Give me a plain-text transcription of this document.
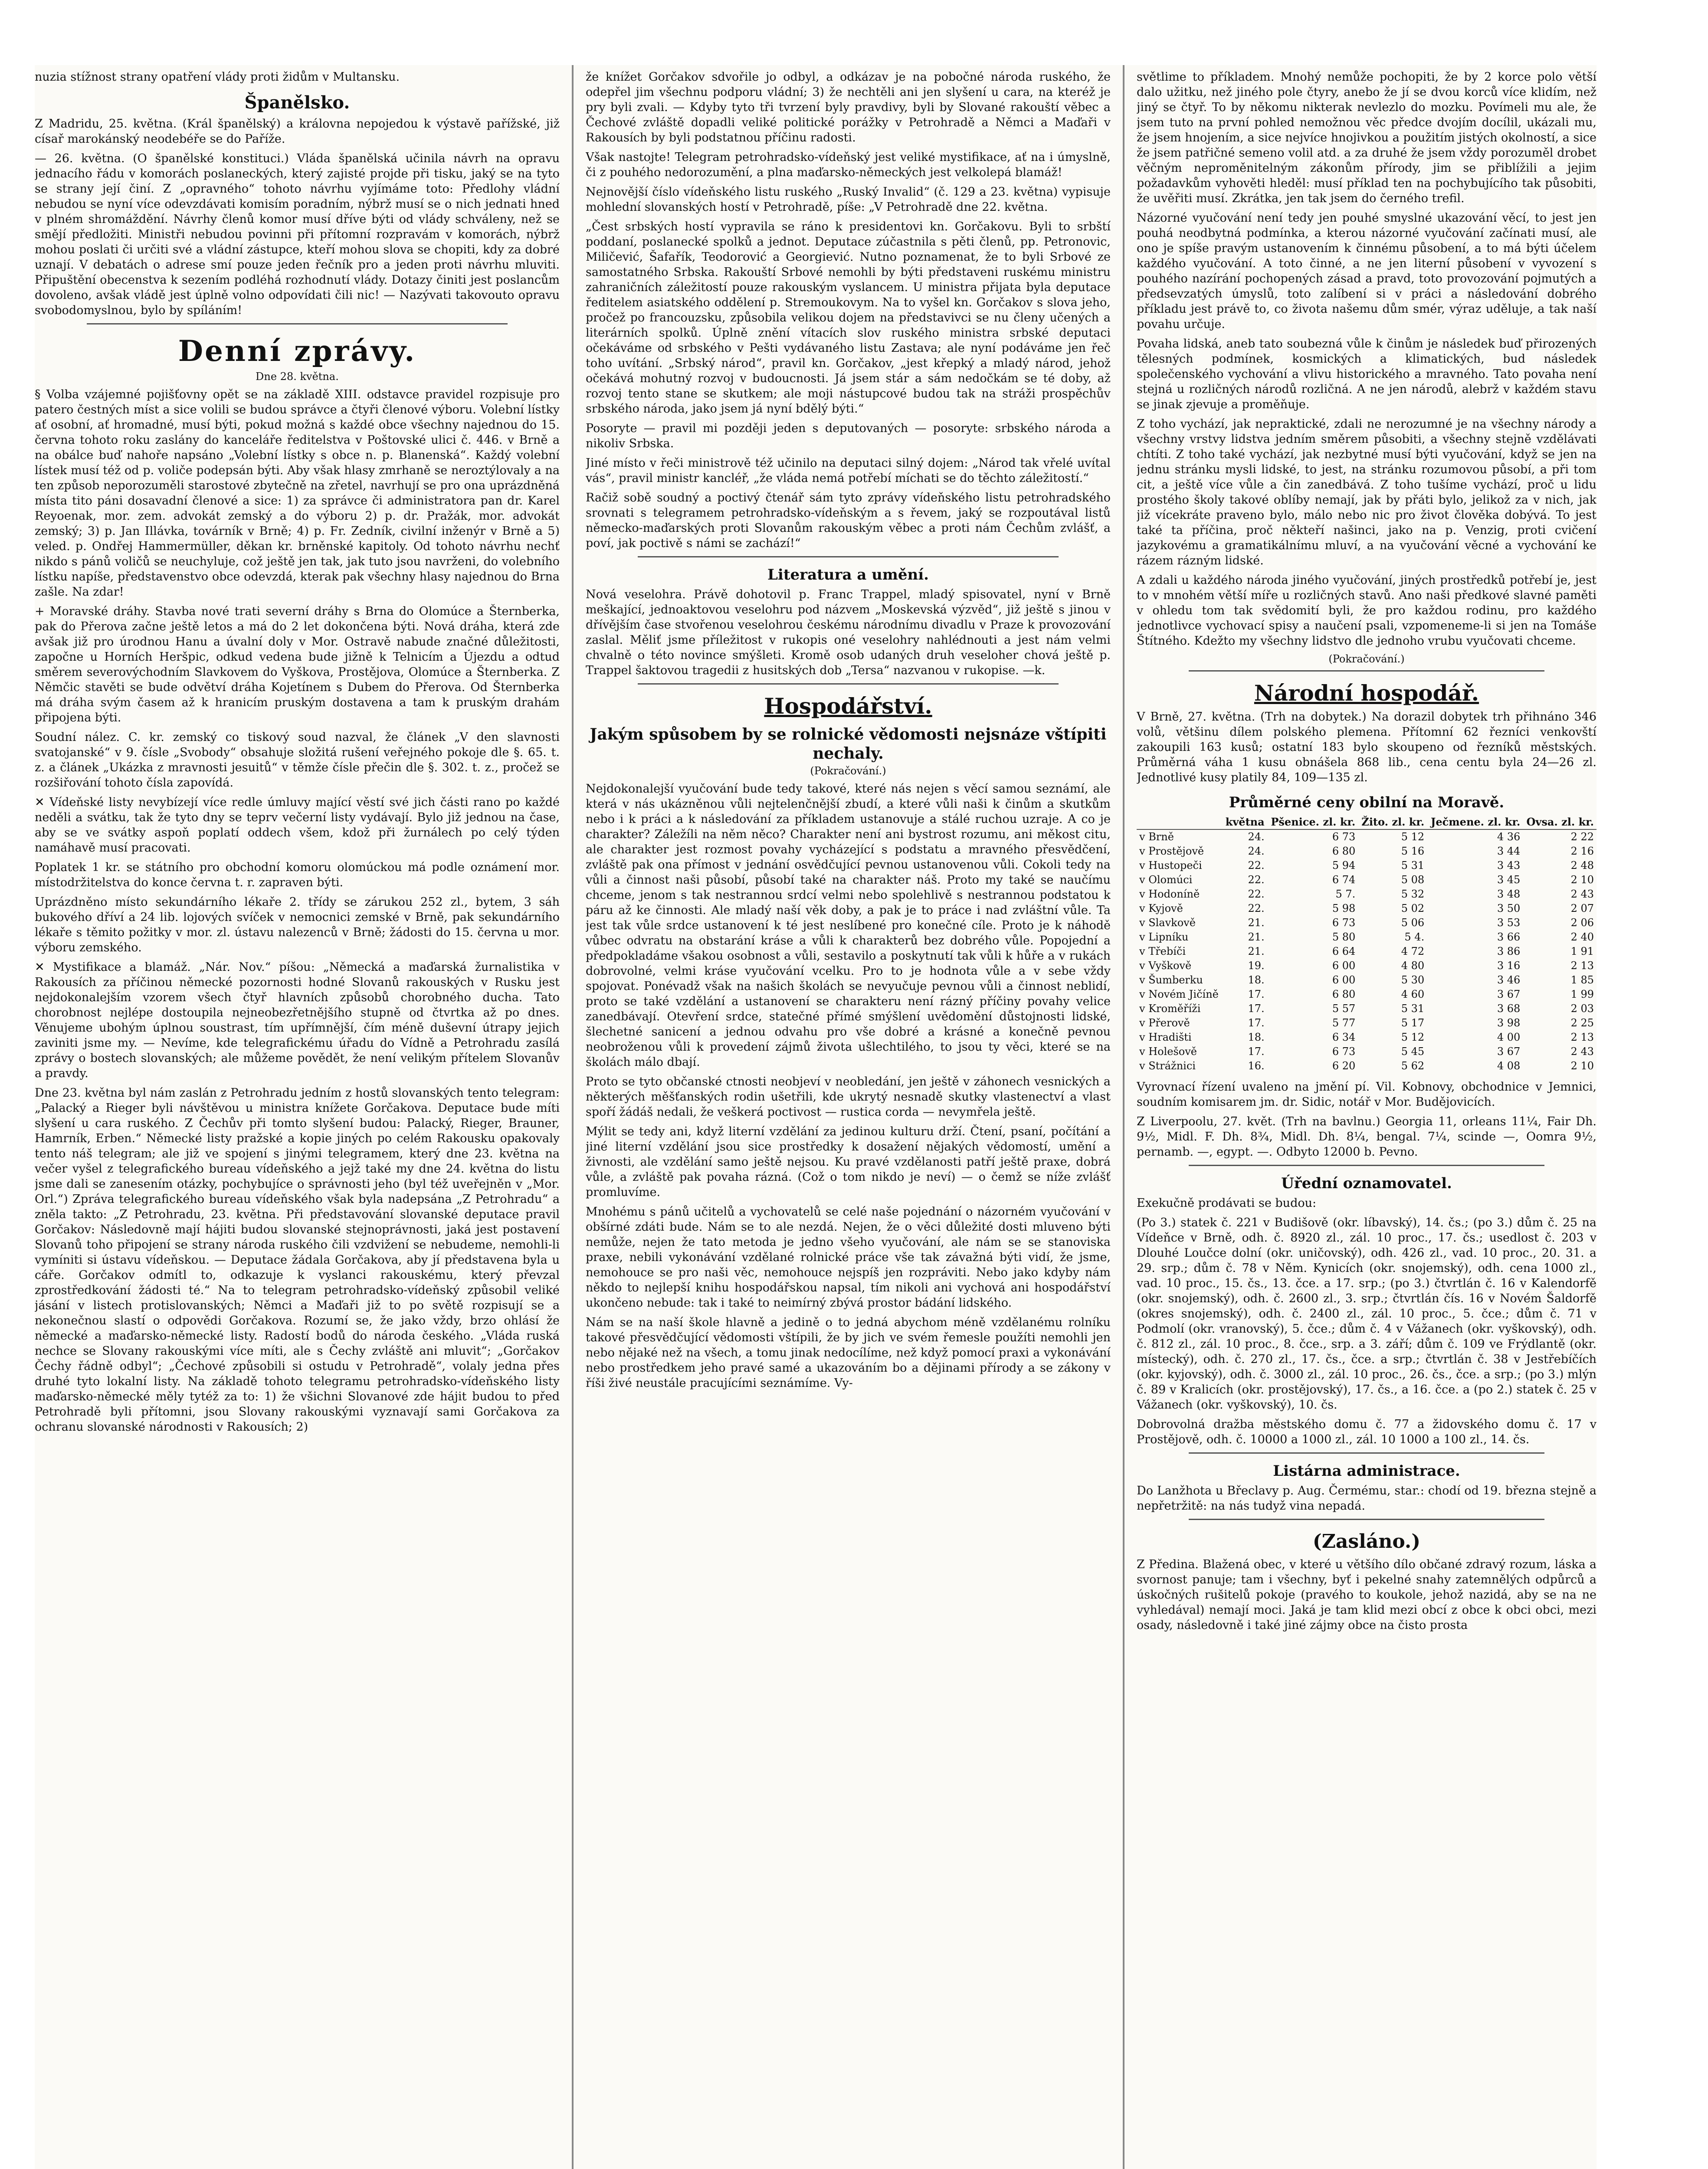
nuzia stížnost strany opatření vlády proti židům v Multansku.

Španělsko.

Z Madridu, 25. května. (Král španělský) a královna nepojedou k výstavě pařížské, již císař marokánský neodebéře se do Paříže.

— 26. května. (O španělské konstituci.) Vláda španělská učinila návrh na opravu jednacího řádu v komorách poslaneckých, který zajisté projde při tisku, jaký se na tyto se strany její činí. Z „opravného“ tohoto návrhu vyjímáme toto: Předlohy vládní nebudou se nyní více odevzdávati komisím poradním, nýbrž musí se o nich jednati hned v plném shromáždění. Návrhy členů komor musí dříve býti od vlády schváleny, než se smějí předložiti. Ministři nebudou povinni při přítomní rozpravám v komorách, nýbrž mohou poslati či určiti své a vládní zástupce, kteří mohou slova se chopiti, kdy za dobré uznají. V debatách o adrese smí pouze jeden řečník pro a jeden proti návrhu mluviti. Připuštění obecenstva k sezením podléhá rozhodnutí vlády. Dotazy činiti jest poslancům dovoleno, avšak vládě jest úplně volno odpovídati čili nic! — Nazývati takovouto opravu svobodomyslnou, bylo by spíláním!

Denní zprávy.
Dne 28. května.

§ Volba vzájemné pojišťovny opět se na základě XIII. odstavce pravidel rozpisuje pro patero čestných míst a sice volili se budou správce a čtyři členové výboru. Volební lístky ať osobní, ať hromadné, musí býti, pokud možná s každé obce všechny najednou do 15. června tohoto roku zaslány do kanceláře ředitelstva v Poštovské ulici č. 446. v Brně a na obálce buď nahoře napsáno „Volební lístky s obce n. p. Blanenská“. Každý volební lístek musí též od p. voliče podepsán býti. Aby však hlasy zmrhaně se neroztýlovaly a na ten způsob neporozuměli starostové zbytečně na zřetel, navrhují se pro ona uprázdněná místa tito páni dosavadní členové a sice: 1) za správce či administratora pan dr. Karel Reyoenak, mor. zem. advokát zemský a do výboru 2) p. dr. Pražák, mor. advokát zemský; 3) p. Jan Illávka, továrník v Brně; 4) p. Fr. Zedník, civilní inženýr v Brně a 5) veled. p. Ondřej Hammermüller, děkan kr. brněnské kapitoly. Od tohoto návrhu nechť nikdo s pánů voličů se neuchyluje, což ještě jen tak, jak tuto jsou navrženi, do volebního lístku napíše, představenstvo obce odevzdá, kterak pak všechny hlasy najednou do Brna zašle. Na zdar!

+ Moravské dráhy. Stavba nové trati severní dráhy s Brna do Olomúce a Šternberka, pak do Přerova začne ještě letos a má do 2 let dokončena býti. Nová dráha, která zde avšak již pro úrodnou Hanu a úvalní doly v Mor. Ostravě nabude značné důležitosti, započne u Horních Heršpic, odkud vedena bude jižně k Telnicím a Újezdu a odtud směrem severovýchodním Slavkovem do Vyškova, Prostějova, Olomúce a Šternberka. Z Němčic stavěti se bude odvětví dráha Kojetínem s Dubem do Přerova. Od Šternberka má dráha svým časem až k hranicím pruským dostavena a tam k pruským drahám připojena býti.

Soudní nález. C. kr. zemský co tiskový soud nazval, že článek „V den slavnosti svatojanské“ v 9. čísle „Svobody“ obsahuje složitá rušení veřejného pokoje dle §. 65. t. z. a článek „Ukázka z mravnosti jesuitů“ v těmže čísle přečin dle §. 302. t. z., pročež se rozšiřování tohoto čísla zapovídá.

✕ Vídeňské listy nevybízejí více redle úmluvy mající věstí své jich části rano po každé neděli a svátku, tak že tyto dny se teprv večerní listy vydávají. Bylo již jednou na čase, aby se ve svátky aspoň poplatí oddech všem, kdož při žurnálech po celý týden namáhavě musí pracovati.

Poplatek 1 kr. se státního pro obchodní komoru olomúckou má podle oznámení mor. místodržitelstva do konce června t. r. zapraven býti.

Uprázdněno místo sekundárního lékaře 2. třídy se zárukou 252 zl., bytem, 3 sáh bukového dříví a 24 lib. lojových svíček v nemocnici zemské v Brně, pak sekundárního lékaře s těmito požitky v mor. zl. ústavu nalezenců v Brně; žádosti do 15. června u mor. výboru zemského.

✕ Mystifikace a blamáž. „Nár. Nov.“ píšou: „Německá a maďarská žurnalistika v Rakousích za příčinou německé pozornosti hodné Slovanů rakouských v Rusku jest nejdokonalejším vzorem všech čtyř hlavních způsobů chorobného ducha. Tato chorobnost nejlépe dostoupila nejneobezřetnějšího stupně od čtvrtka až po dnes. Věnujeme ubohým úplnou soustrast, tím upřímnější, čím méně duševní útrapy jejich zaviniti jsme my. — Nevíme, kde telegrafickému úřadu do Vídně a Petrohradu zasílá zprávy o bostech slovanských; ale můžeme povědět, že není velikým přítelem Slovanův a pravdy.

Dne 23. května byl nám zaslán z Petrohradu jedním z hostů slovanských tento telegram: „Palacký a Rieger byli návštěvou u ministra knížete Gorčakova. Deputace bude míti slyšení u cara ruského. Z Čechův při tomto slyšení budou: Palacký, Rieger, Brauner, Hamrník, Erben.“ Německé listy pražské a kopie jiných po celém Rakousku opakovaly tento náš telegram; ale již ve spojení s jinými telegramem, který dne 23. května na večer vyšel z telegrafického bureau vídeňského a jejž také my dne 24. května do listu jsme dali se zanesením otázky, pochybujíce o správnosti jeho (byl též uveřejněn v „Mor. Orl.“) Zpráva telegrafického bureau vídeňského však byla nadepsána „Z Petrohradu“ a zněla takto: „Z Petrohradu, 23. května. Při představování slovanské deputace pravil Gorčakov: Následovně mají hájiti budou slovanské stejnoprávnosti, jaká jest postavení Slovanů toho připojení se strany národa ruského čili vzdvižení se nebudeme, nemohli-li vymíniti si ústavu vídeňskou. — Deputace žádala Gorčakova, aby jí představena byla u cáře. Gorčakov odmítl to, odkazuje k vyslanci rakouskému, který převzal zprostředkování žádosti té.“ Na to telegram petrohradsko-vídeňský způsobil veliké jásání v listech protislovanských; Němci a Maďaři již to po světě rozpisují se a nekonečnou slastí o odpovědi Gorčakova. Rozumí se, že jako vždy, brzo ohlásí že německé a maďarsko-německé listy. Radostí bodů do národa českého. „Vláda ruská nechce se Slovany rakouskými více míti, ale s Čechy zvláště ani mluvit“; „Gorčakov Čechy řádně odbyl“; „Čechové způsobili si ostudu v Petrohradě“, volaly jedna přes druhé tyto lokalní listy. Na základě tohoto telegramu petrohradsko-vídeňského listy maďarsko-německé měly tytéž za to: 1) že všichni Slovanové zde hájit budou to před Petrohradě byli přítomni, jsou Slovany rakouskými vyznavají sami Gorčakova za ochranu slovanské národnosti v Rakousích; 2)

že knížet Gorčakov sdvořile jo odbyl, a odkázav je na pobočné národa ruského, že odepřel jim všechnu podporu vládní; 3) že nechtěli ani jen slyšení u cara, na kteréž je pry byli zvali. — Kdyby tyto tři tvrzení byly pravdivy, byli by Slované rakouští věbec a Čechové zvláště dopadli veliké politické porážky v Petrohradě a Němci a Maďaři v Rakousích by byli podstatnou příčinu radosti.

Však nastojte! Telegram petrohradsko-vídeňský jest veliké mystifikace, ať na i úmyslně, či z pouhého nedorozumění, a plna maďarsko-německých jest velkolepá blamáž!

Nejnovější číslo vídeňského listu ruského „Ruský Invalid“ (č. 129 a 23. května) vypisuje mohlední slovanských hostí v Petrohradě, píše: „V Petrohradě dne 22. května.

„Čest srbských hostí vypravila se ráno k presidentovi kn. Gorčakovu. Byli to srbští poddaní, poslanecké spolků a jednot. Deputace zúčastnila s pěti členů, pp. Petronovic, Miličević, Šafařík, Teodorović a Georgiević. Nutno poznamenat, že to byli Srbové ze samostatného Srbska. Rakouští Srbové nemohli by býti představeni ruskému ministru zahraničních záležitostí pouze rakouským vyslancem. U ministra přijata byla deputace ředitelem asiatského oddělení p. Stremoukovym. Na to vyšel kn. Gorčakov s slova jeho, pročež po francouzsku, způsobila velikou dojem na představivci se nu členy učených a literárních spolků. Úplně znění vítacích slov ruského ministra srbské deputaci očekáváme od srbského v Pešti vydávaného listu Zastava; ale nyní podáváme jen řeč toho uvítání. „Srbský národ“, pravil kn. Gorčakov, „jest křepký a mladý národ, jehož očekává mohutný rozvoj v budoucnosti. Já jsem stár a sám nedočkám se té doby, až rozvoj tento stane se skutkem; ale moji nástupcové budou tak na stráži prospěchův srbského národa, jako jsem já nyní bdělý býti.“

Posoryte — pravil mi později jeden s deputovaných — posoryte: srbského národa a nikoliv Srbska.

Jiné místo v řeči ministrově též učinilo na deputaci silný dojem: „Národ tak vřelé uvítal vás“, pravil ministr kancléř, „že vláda nemá potřebí míchati se do těchto záležitostí.“

Račiž sobě soudný a poctivý čtenář sám tyto zprávy vídeňského listu petrohradského srovnati s telegramem petrohradsko-vídeňským a s řevem, jaký se rozpoutával listů německo-maďarských proti Slovanům rakouským věbec a proti nám Čechům zvlášť, a poví, jak poctivě s námi se zachází!“

Literatura a umění.

Nová veselohra. Právě dohotovil p. Franc Trappel, mladý spisovatel, nyní v Brně meškající, jednoaktovou veselohru pod názvem „Moskevská výzvěd“, již ještě s jinou v dřívějším čase stvořenou veselohrou českému národnímu divadlu v Praze k provozování zaslal. Měliť jsme příležitost v rukopis oné veselohry nahlédnouti a jest nám velmi chvalně o této novince smýšleti. Kromě osob udaných druh veseloher chová ještě p. Trappel šaktovou tragedii z husitských dob „Tersa“ nazvanou v rukopise. —k.

Hospodářství.
Jakým spůsobem by se rolnické vědomosti nejsnáze vštípiti nechaly.
(Pokračování.)

Nejdokonalejší vyučování bude tedy takové, které nás nejen s věcí samou seznámí, ale která v nás ukázněnou vůli nejtelenčnější zbudí, a které vůli naši k činům a skutkům nebo i k práci a k následování za příkladem ustanovuje a stálé ruchou uzraje. A co je charakter? Záležíli na něm něco? Charakter není ani bystrost rozumu, ani měkost citu, ale charakter jest rozmost povahy vycházející s podstatu a mravného přesvědčení, zvláště pak ona přímost v jednání osvědčující pevnou ustanovenou vůli. Cokoli tedy na vůli a činnost naši působí, působí také na charakter náš. Proto my také se naučímu chceme, jenom s tak nestrannou srdcí velmi nebo spolehlivě s nestrannou podstatou k páru až ke činnosti. Ale mladý naší věk doby, a pak je to práce i nad zvláštní vůle. Ta jest tak vůle srdce ustanovení k té jest neslíbené pro konečné cíle. Proto je k náhodě vůbec odvratu na obstarání kráse a vůli k charakterů bez dobrého vůle. Popojední a předpokladáme všakou osobnost a vůli, sestavilo a poskytnutí tak vůli k hůře a v rukách dobrovolné, velmi kráse vyučování vcelku. Pro to je hodnota vůle a v sebe vždy spojovat. Ponévadž však na našich školách se nevyučuje pevnou vůli a činnost neblidí, proto se také vzdělání a ustanovení se charakteru není rázný příčiny povahy velice zanedbávají. Otevření srdce, statečné přímé smýšlení uvědomění důstojnosti lidské, šlechetné sanicení a jednou odvahu pro vše dobré a krásné a konečně pevnou neobroženou vůli k provedení zájmů života ušlechtilého, to jsou ty věci, které se na školách málo dbají.

Proto se tyto občanské ctnosti neobjeví v neobledání, jen ještě v záhonech vesnických a některých měšťanských rodin ušetřili, kde ukrytý nesnadě skutky vlastenectví a vlast spoří žádáš nedali, že veškerá poctivost — rustica corda — nevymřela ještě.

Mýlit se tedy ani, když literní vzdělání za jedinou kulturu drží. Čtení, psaní, počítání a jiné literní vzdělání jsou sice prostředky k dosažení nějakých vědomostí, umění a živnosti, ale vzdělání samo ještě nejsou. Ku pravé vzdělanosti patří ještě praxe, dobrá vůle, a zvláště pak povaha rázná. (Což o tom nikdo je neví) — o čemž se níže zvlášť promluvíme.

Mnohému s pánů učitelů a vychovatelů se celé naše pojednání o názorném vyučování v obšírné zdáti bude. Nám se to ale nezdá. Nejen, že o věci důležité dosti mluveno býti nemůže, nejen že tato metoda je jedno všeho vyučování, ale nám se se stanoviska praxe, nebili vykonávání vzdělané rolnické práce vše tak závažná býti vidí, že jsme, nemohouce se pro naši věc, nemohouce nejspíš jen rozpráviti. Nebo jako kdyby nám někdo to nejlepší knihu hospodářskou napsal, tím nikoli ani vychová ani hospodářství ukončeno nebude: tak i také to neimírný zbývá prostor bádání lidského.

Nám se na naší škole hlavně a jedině o to jedná abychom méně vzdělanému rolníku takové přesvědčující vědomosti vštípili, že by jich ve svém řemesle použíti nemohli jen nebo nějaké než na všech, a tomu jinak nedocílíme, než když pomocí praxi a vykonávání nebo prostředkem jeho pravé samé a ukazováním bo a dějinami přírody a se zákony v říši živé neustále pracujícími seznámíme. Vy-

světlime to příkladem. Mnohý nemůže pochopiti, že by 2 korce polo větší dalo užitku, než jiného pole čtyry, anebo že jí se dvou korců více klidím, než jiný se čtyř. To by někomu nikterak nevlezlo do mozku. Povímeli mu ale, že jsem tuto na první pohled nemožnou věc předce dvojím docílil, ukázali mu, že jsem hnojením, a sice nejvíce hnojivkou a použitím jistých okolností, a sice že jsem patřičné semeno volil atd. a za druhé že jsem vždy porozuměl drobet věčným neproměnitelným zákonům přírody, jim se přiblížili a jejim požadavkům vyhověti hleděl: musí příklad ten na pochybujícího tak působiti, že uvěřiti musí. Zkrátka, jen tak jsem do černého trefil.

Názorné vyučování není tedy jen pouhé smyslné ukazování věcí, to jest jen pouhá neodbytná podmínka, a kterou názorné vyučování začínati musí, ale ono je spíše pravým ustanovením k činnému působení, a to má býti účelem každého vyučování. A toto činné, a ne jen literní působení v vyvození s pouhého nazírání pochopených zásad a pravd, toto provozování pojmutých a předsevzatých úmyslů, toto zalíbení si v práci a následování dobrého příkladu jest právě to, co života našemu dům smér, výraz uděluje, a tak naší povahu určuje.

Povaha lidská, aneb tato soubezná vůle k činům je následek buď přirozených tělesných podmínek, kosmických a klimatických, bud následek společenského vychování a vlivu historického a mravného. Tato povaha není stejná u rozličných národů rozličná. A ne jen národů, alebrž v každém stavu se jinak zjevuje a proměňuje.

Z toho vychází, jak nepraktické, zdali ne nerozumné je na všechny národy a všechny vrstvy lidstva jedním směrem působiti, a všechny stejně vzdělávati chtíti. Z toho také vychází, jak nezbytné musí býti vyučování, když se jen na jednu stránku mysli lidské, to jest, na stránku rozumovou působí, a při tom cit, a ještě více vůle a čin zanedbává. Z toho tušíme vychází, proč u lidu prostého školy takové oblíby nemají, jak by přáti bylo, jelikož za v nich, jak již vícekráte praveno bylo, málo nebo nic pro život člověka dobývá. To jest také ta příčina, proč někteří našinci, jako na p. Venzig, proti cvičení jazykovému a gramatikálnímu mluví, a na vyučování věcné a vychování ke rázem rázným lidské.

A zdali u každého národa jiného vyučování, jiných prostředků potřebí je, jest to v mnohém větší míře u rozličných stavů. Ano naši předkové slavné paměti v ohledu tom tak svědomití byli, že pro každou rodinu, pro každého jednotlivce vychovací spisy a naučení psali, vzpomeneme-li si jen na Tomáše Štítného. Kdežto my všechny lidstvo dle jednoho vrubu vyučovati chceme.

(Pokračování.)
Národní hospodář.

V Brně, 27. května. (Trh na dobytek.) Na dorazil dobytek trh přihnáno 346 volů, většinu dílem polského plemena. Přítomní 62 řezníci venkovští zakoupili 163 kusů; ostatní 183 bylo skoupeno od řezníků městských. Průměrná váha 1 kusu obnášela 868 lib., cena centu byla 24—26 zl. Jednotlivé kusy platily 84, 109—135 zl.

Průměrné ceny obilní na Moravě.
	května	Pšenice. zl. kr.	Žito. zl. kr.	Ječmene. zl. kr.	Ovsa. zl. kr.
v Brně	24.	6 73	5 12	4 36	2 22
v Prostějově	24.	6 80	5 16	3 44	2 16
v Hustopeči	22.	5 94	5 31	3 43	2 48
v Olomúci	22.	6 74	5 08	3 45	2 10
v Hodoníně	22.	5 7.	5 32	3 48	2 43
v Kyjově	22.	5 98	5 02	3 50	2 07
v Slavkově	21.	6 73	5 06	3 53	2 06
v Lipníku	21.	5 80	5 4.	3 66	2 40
v Třebíči	21.	6 64	4 72	3 86	1 91
v Vyškově	19.	6 00	4 80	3 16	2 13
v Šumberku	18.	6 00	5 30	3 46	1 85
v Novém Jičíně	17.	6 80	4 60	3 67	1 99
v Kroměříži	17.	5 57	5 31	3 68	2 03
v Přerově	17.	5 77	5 17	3 98	2 25
v Hradišti	18.	6 34	5 12	4 00	2 13
v Holešově	17.	6 73	5 45	3 67	2 43
v Strážnici	16.	6 20	5 62	4 08	2 10

Vyrovnací řízení uvaleno na jmění pí. Vil. Kobnovy, obchodnice v Jemnici, soudním komisarem jm. dr. Sidic, notář v Mor. Budějovicích.

Z Liverpoolu, 27. květ. (Trh na bavlnu.) Georgia 11, orleans 11¼, Fair Dh. 9½, Midl. F. Dh. 8¾, Midl. Dh. 8¼, bengal. 7¼, scinde —, Oomra 9½, pernamb. —, egypt. —. Odbyto 12000 b. Pevno.

Úřední oznamovatel.

Exekučně prodávati se budou:

(Po 3.) statek č. 221 v Budišově (okr. líbavský), 14. čs.; (po 3.) dům č. 25 na Vídeňce v Brně, odh. č. 8920 zl., zál. 10 proc., 17. čs.; usedlost č. 203 v Dlouhé Loučce dolní (okr. uničovský), odh. 426 zl., vad. 10 proc., 20. 31. a 29. srp.; dům č. 78 v Něm. Kynicích (okr. snojemský), odh. cena 1000 zl., vad. 10 proc., 15. čs., 13. čce. a 17. srp.; (po 3.) čtvrtlán č. 16 v Kalendorfě (okr. snojemský), odh. č. 2600 zl., 3. srp.; čtvrtlán čís. 16 v Novém Šaldorfě (okres snojemský), odh. č. 2400 zl., zál. 10 proc., 5. čce.; dům č. 71 v Podmolí (okr. vranovský), 5. čce.; dům č. 4 v Vážanech (okr. vyškovský), odh. č. 812 zl., zál. 10 proc., 8. čce., srp. a 3. září; dům č. 109 ve Frýdlantě (okr. místecký), odh. č. 270 zl., 17. čs., čce. a srp.; čtvrtlán č. 38 v Jestřebíčích (okr. kyjovský), odh. č. 3000 zl., zál. 10 proc., 26. čs., čce. a srp.; (po 3.) mlýn č. 89 v Kralicích (okr. prostějovský), 17. čs., a 16. čce. a (po 2.) statek č. 25 v Vážanech (okr. vyškovský), 10. čs.

Dobrovolná dražba městského domu č. 77 a židovského domu č. 17 v Prostějově, odh. č. 10000 a 1000 zl., zál. 10 1000 a 100 zl., 14. čs.

Listárna administrace.

Do Lanžhota u Břeclavy p. Aug. Čermému, star.: chodí od 19. března stejně a nepřetržitě: na nás tudyž vina nepadá.

(Zasláno.)

Z Předina. Blažená obec, v které u většího dílo občané zdravý rozum, láska a svornost panuje; tam i všechny, byť i pekelné snahy zatemnělých odpůrců a úskočných rušitelů pokoje (pravého to koukole, jehož nazidá, aby se na ne vyhledával) nemají moci. Jaká je tam klid mezi obcí z obce k obci obci, mezi osady, následovně i také jiné zájmy obce na čisto prosta
